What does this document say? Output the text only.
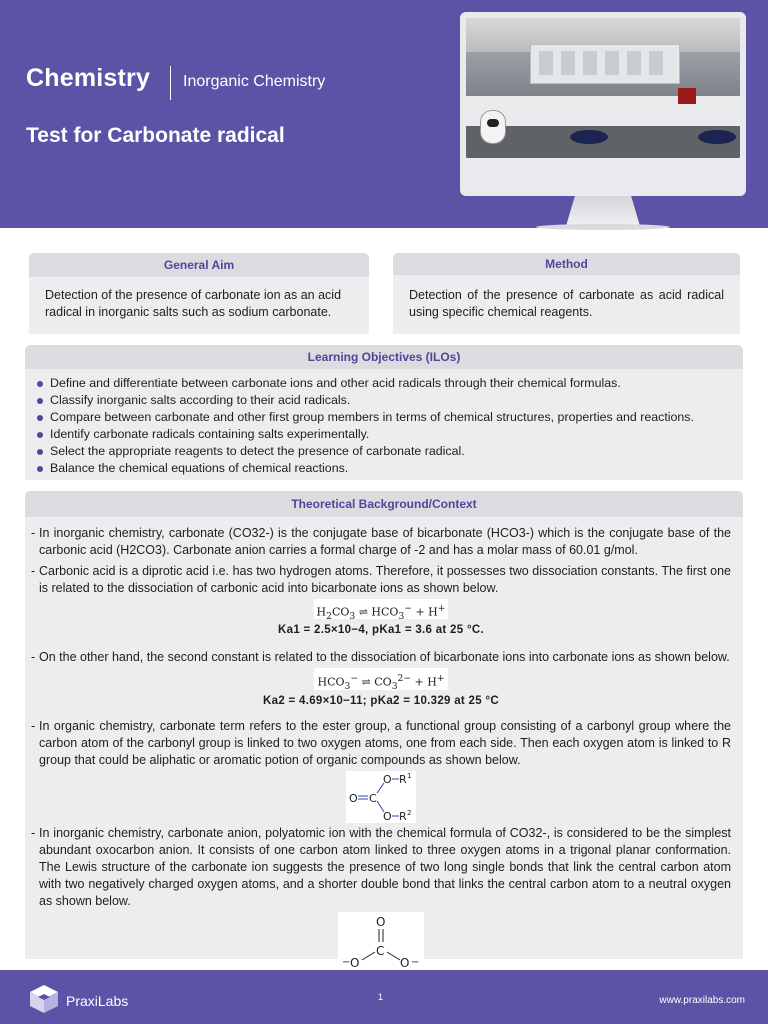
Chemistry Inorganic Chemistry
Test for Carbonate radical
General Aim
Detection of the presence of carbonate ion as an acid radical in inorganic salts such as sodium carbonate.
Method
Detection of the presence of carbonate as acid radical using specific chemical reagents.
Learning Objectives (ILOs)
Define and differentiate between carbonate ions and other acid radicals through their chemical formulas.
Classify inorganic salts according to their acid radicals.
Compare between carbonate and other first group members in terms of chemical structures, properties and reactions.
Identify carbonate radicals containing salts experimentally.
Select the appropriate reagents to detect the presence of carbonate radical.
Balance the chemical equations of chemical reactions.
Theoretical Background/Context
- In inorganic chemistry, carbonate (CO32-) is the conjugate base of bicarbonate (HCO3-) which is the conjugate base of the carbonic acid (H2CO3). Carbonate anion carries a formal charge of -2 and has a molar mass of 60.01 g/mol.
- Carbonic acid is a diprotic acid i.e. has two hydrogen atoms. Therefore, it possesses two dissociation constants. The first one is related to the dissociation of carbonic acid into bicarbonate ions as shown below.
$H_2CO_3$ ⇌ $HCO_3^- + H^+$
Ka1 = 2.5×10−4, pKa1 = 3.6 at 25 °C.
- On the other hand, the second constant is related to the dissociation of bicarbonate ions into carbonate ions as shown below.
$HCO_3^-$ ⇌ $CO_3^{2-} + H^+$
Ka2 = 4.69×10−11; pKa2 = 10.329 at 25 °C
- In organic chemistry, carbonate term refers to the ester group, a functional group consisting of a carbonyl group where the carbon atom of the carbonyl group is linked to two oxygen atoms, one from each side. Then each oxygen atom is linked to R group that could be aliphatic or aromatic potion of organic compounds as shown below.
O C
O
O
R 1
R 2
- In inorganic chemistry, carbonate anion, polyatomic ion with the chemical formula of CO32-, is considered to be the simplest abundant oxocarbon anion. It consists of one carbon atom linked to three oxygen atoms in a trigonal planar conformation. The Lewis structure of the carbonate ion suggests the presence of two long single bonds that link the central carbon atom with two negatively charged oxygen atoms, and a shorter double bond that links the central carbon atom to a neutral oxygen as shown below.
O
C
− O	O −
PraxiLabs	1	www.praxilabs.com
